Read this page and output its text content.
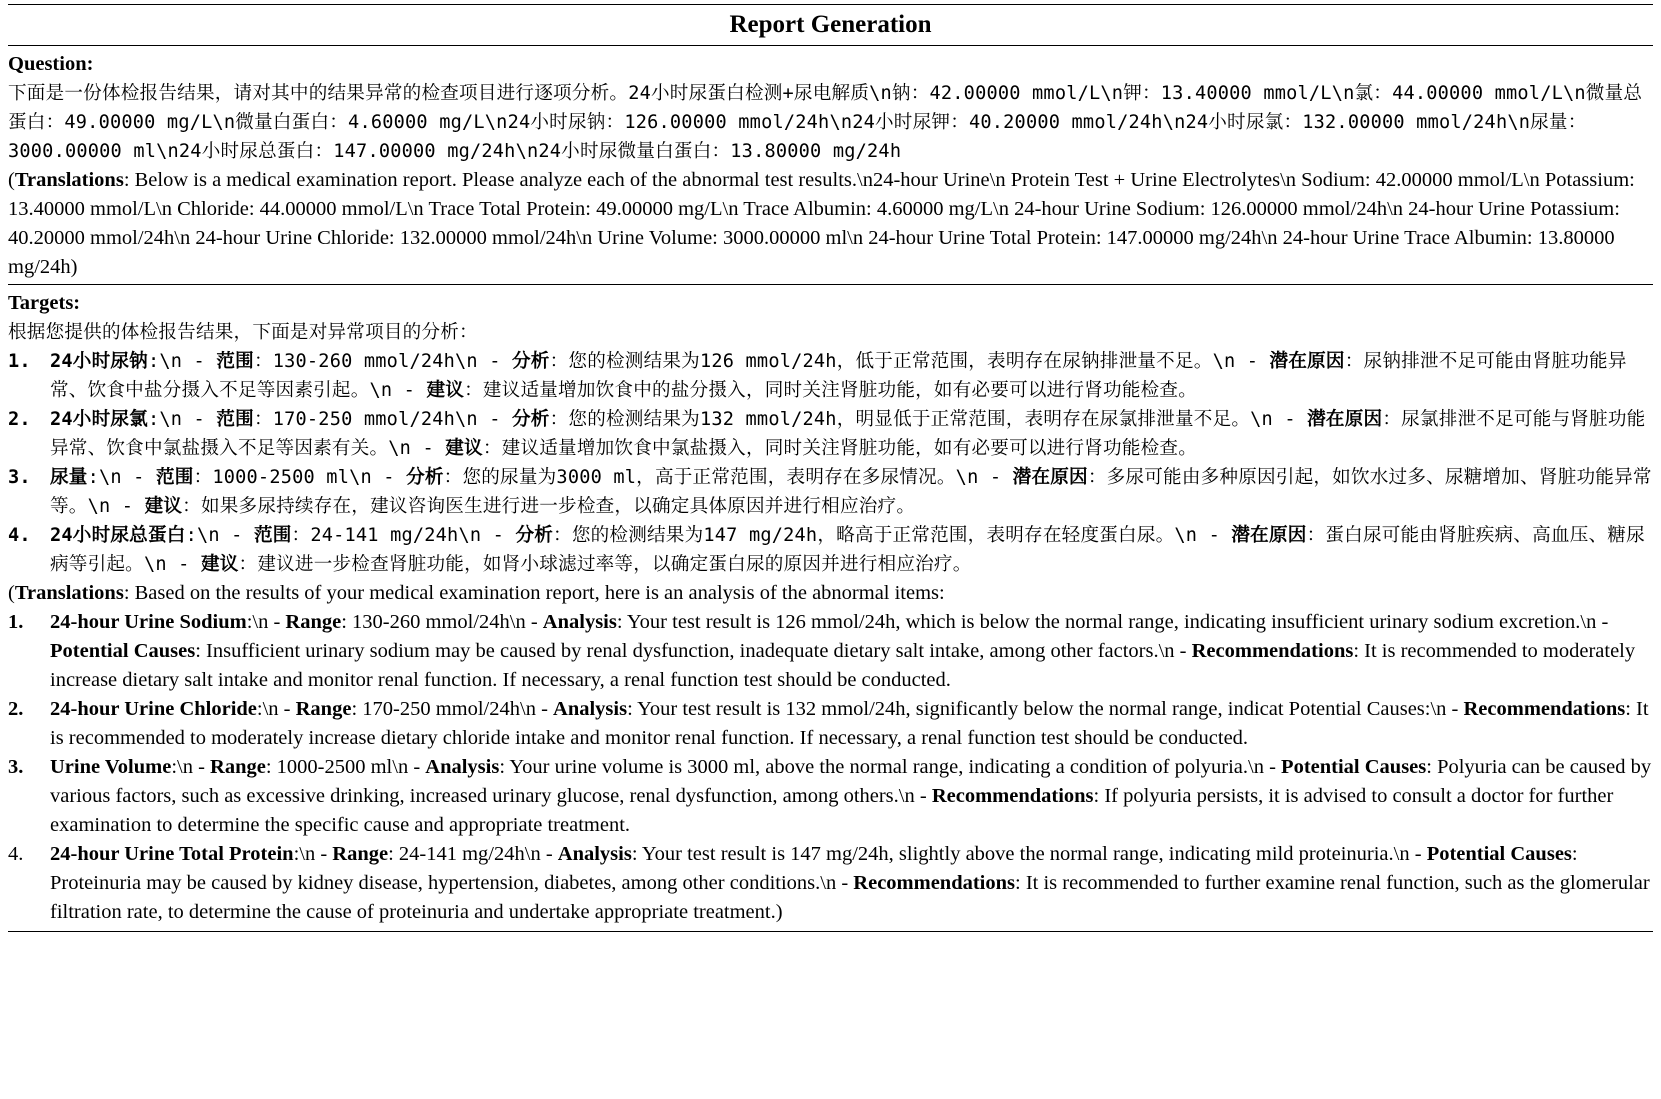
Report Generation

Question:

下面是一份体检报告结果，请对其中的结果异常的检查项目进行逐项分析。24小时尿蛋白检测+尿电解质\n钠：42.00000 mmol/L\n钾：13.40000 mmol/L\n氯：44.00000 mmol/L\n微量总蛋白：49.00000 mg/L\n微量白蛋白：4.60000 mg/L\n24小时尿钠：126.00000 mmol/24h\n24小时尿钾：40.20000 mmol/24h\n24小时尿氯：132.00000 mmol/24h\n尿量：3000.00000 ml\n24小时尿总蛋白：147.00000 mg/24h\n24小时尿微量白蛋白：13.80000 mg/24h

(Translations: Below is a medical examination report. Please analyze each of the abnormal test results.\n24-hour Urine\n Protein Test + Urine Electrolytes\n Sodium: 42.00000 mmol/L\n Potassium: 13.40000 mmol/L\n Chloride: 44.00000 mmol/L\n Trace Total Protein: 49.00000 mg/L\n Trace Albumin: 4.60000 mg/L\n 24-hour Urine Sodium: 126.00000 mmol/24h\n 24-hour Urine Potassium: 40.20000 mmol/24h\n 24-hour Urine Chloride: 132.00000 mmol/24h\n Urine Volume: 3000.00000 ml\n 24-hour Urine Total Protein: 147.00000 mg/24h\n 24-hour Urine Trace Albumin: 13.80000 mg/24h)

Targets:

根据您提供的体检报告结果，下面是对异常项目的分析：

1.	24小时尿钠:\n - 范围：130-260 mmol/24h\n - 分析：您的检测结果为126 mmol/24h，低于正常范围，表明存在尿钠排泄量不足。\n - 潜在原因：尿钠排泄不足可能由肾脏功能异常、饮食中盐分摄入不足等因素引起。\n - 建议：建议适量增加饮食中的盐分摄入，同时关注肾脏功能，如有必要可以进行肾功能检查。
2.	24小时尿氯:\n - 范围：170-250 mmol/24h\n - 分析：您的检测结果为132 mmol/24h，明显低于正常范围，表明存在尿氯排泄量不足。\n - 潜在原因：尿氯排泄不足可能与肾脏功能异常、饮食中氯盐摄入不足等因素有关。\n - 建议：建议适量增加饮食中氯盐摄入，同时关注肾脏功能，如有必要可以进行肾功能检查。
3.	尿量:\n - 范围：1000-2500 ml\n - 分析：您的尿量为3000 ml，高于正常范围，表明存在多尿情况。\n - 潜在原因：多尿可能由多种原因引起，如饮水过多、尿糖增加、肾脏功能异常等。\n - 建议：如果多尿持续存在，建议咨询医生进行进一步检查，以确定具体原因并进行相应治疗。
4.	24小时尿总蛋白:\n - 范围：24-141 mg/24h\n - 分析：您的检测结果为147 mg/24h，略高于正常范围，表明存在轻度蛋白尿。\n - 潜在原因：蛋白尿可能由肾脏疾病、高血压、糖尿病等引起。\n - 建议：建议进一步检查肾脏功能，如肾小球滤过率等，以确定蛋白尿的原因并进行相应治疗。

(Translations: Based on the results of your medical examination report, here is an analysis of the abnormal items:

1.	24-hour Urine Sodium:\n - Range: 130-260 mmol/24h\n - Analysis: Your test result is 126 mmol/24h, which is below the normal range, indicating insufficient urinary sodium excretion.\n - Potential Causes: Insufficient urinary sodium may be caused by renal dysfunction, inadequate dietary salt intake, among other factors.\n - Recommendations: It is recommended to moderately increase dietary salt intake and monitor renal function. If necessary, a renal function test should be conducted.
2.	24-hour Urine Chloride:\n - Range: 170-250 mmol/24h\n - Analysis: Your test result is 132 mmol/24h, significantly below the normal range, indicat Potential Causes:\n - Recommendations: It is recommended to moderately increase dietary chloride intake and monitor renal function. If necessary, a renal function test should be conducted.
3.	Urine Volume:\n - Range: 1000-2500 ml\n - Analysis: Your urine volume is 3000 ml, above the normal range, indicating a condition of polyuria.\n - Potential Causes: Polyuria can be caused by various factors, such as excessive drinking, increased urinary glucose, renal dysfunction, among others.\n - Recommendations: If polyuria persists, it is advised to consult a doctor for further examination to determine the specific cause and appropriate treatment.
4.	24-hour Urine Total Protein:\n - Range: 24-141 mg/24h\n - Analysis: Your test result is 147 mg/24h, slightly above the normal range, indicating mild proteinuria.\n - Potential Causes: Proteinuria may be caused by kidney disease, hypertension, diabetes, among other conditions.\n - Recommendations: It is recommended to further examine renal function, such as the glomerular filtration rate, to determine the cause of proteinuria and undertake appropriate treatment.)
